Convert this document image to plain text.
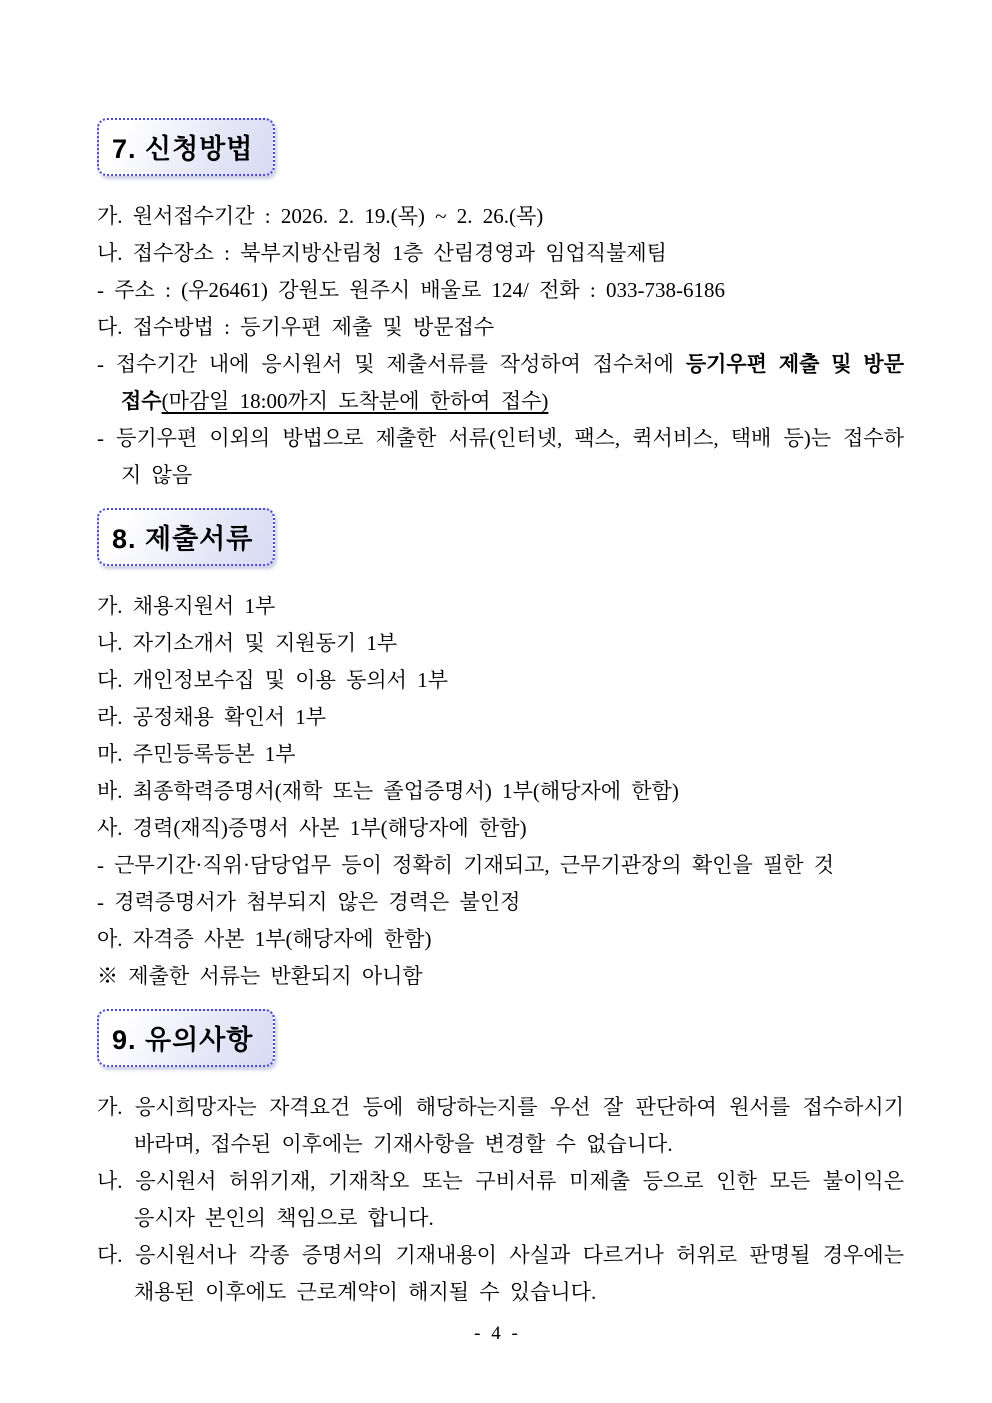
7. 신청방법

가. 원서접수기간 : 2026. 2. 19.(목) ~ 2. 26.(목)

나. 접수장소 : 북부지방산림청 1층 산림경영과 임업직불제팀

- 주소 : (우26461) 강원도 원주시 배울로 124/ 전화 : 033-738-6186

다. 접수방법 : 등기우편 제출 및 방문접수

- 접수기간 내에 응시원서 및 제출서류를 작성하여 접수처에 등기우편 제출 및 방문접수(마감일 18:00까지 도착분에 한하여 접수)

- 등기우편 이외의 방법으로 제출한 서류(인터넷, 팩스, 퀵서비스, 택배 등)는 접수하지 않음

8. 제출서류

가. 채용지원서 1부

나. 자기소개서 및 지원동기 1부

다. 개인정보수집 및 이용 동의서 1부

라. 공정채용 확인서 1부

마. 주민등록등본 1부

바. 최종학력증명서(재학 또는 졸업증명서) 1부(해당자에 한함)

사. 경력(재직)증명서 사본 1부(해당자에 한함)

- 근무기간·직위·담당업무 등이 정확히 기재되고, 근무기관장의 확인을 필한 것

- 경력증명서가 첨부되지 않은 경력은 불인정

아. 자격증 사본 1부(해당자에 한함)

※ 제출한 서류는 반환되지 아니함

9. 유의사항

가. 응시희망자는 자격요건 등에 해당하는지를 우선 잘 판단하여 원서를 접수하시기 바라며, 접수된 이후에는 기재사항을 변경할 수 없습니다.

나. 응시원서 허위기재, 기재착오 또는 구비서류 미제출 등으로 인한 모든 불이익은 응시자 본인의 책임으로 합니다.

다. 응시원서나 각종 증명서의 기재내용이 사실과 다르거나 허위로 판명될 경우에는 채용된 이후에도 근로계약이 해지될 수 있습니다.

- 4 -
